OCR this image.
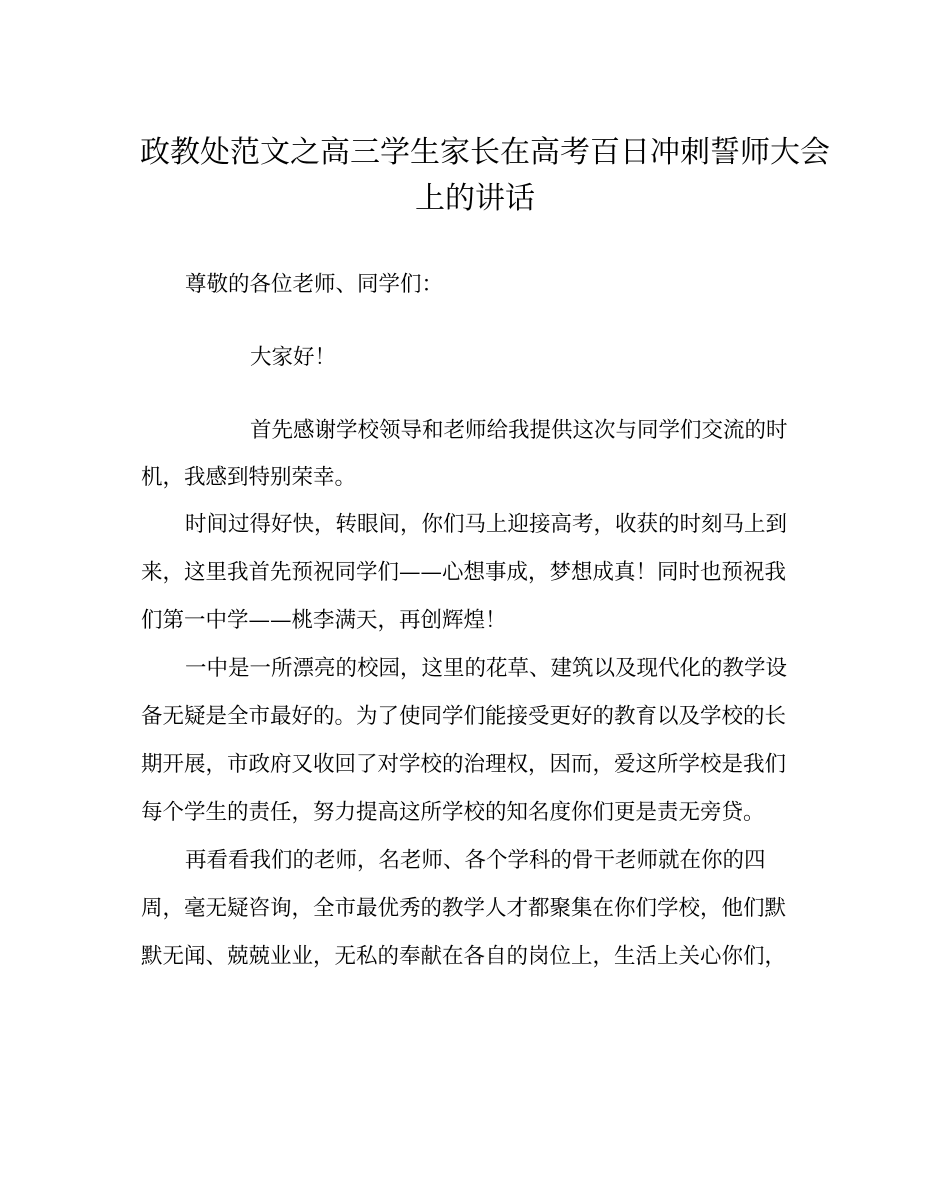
政教处范文之高三学生家长在高考百日冲刺誓师大会
上的讲话
尊敬的各位老师、同学们：
大家好！
首先感谢学校领导和老师给我提供这次与同学们交流的时
机，我感到特别荣幸。
时间过得好快，转眼间，你们马上迎接高考，收获的时刻马上到
来，这里我首先预祝同学们——心想事成，梦想成真！同时也预祝我
们第一中学——桃李满天，再创辉煌！
一中是一所漂亮的校园，这里的花草、建筑以及现代化的教学设
备无疑是全市最好的。为了使同学们能接受更好的教育以及学校的长
期开展，市政府又收回了对学校的治理权，因而，爱这所学校是我们
每个学生的责任，努力提高这所学校的知名度你们更是责无旁贷。
再看看我们的老师，名老师、各个学科的骨干老师就在你的四
周，毫无疑咨询，全市最优秀的教学人才都聚集在你们学校，他们默
默无闻、兢兢业业，无私的奉献在各自的岗位上，生活上关心你们，
